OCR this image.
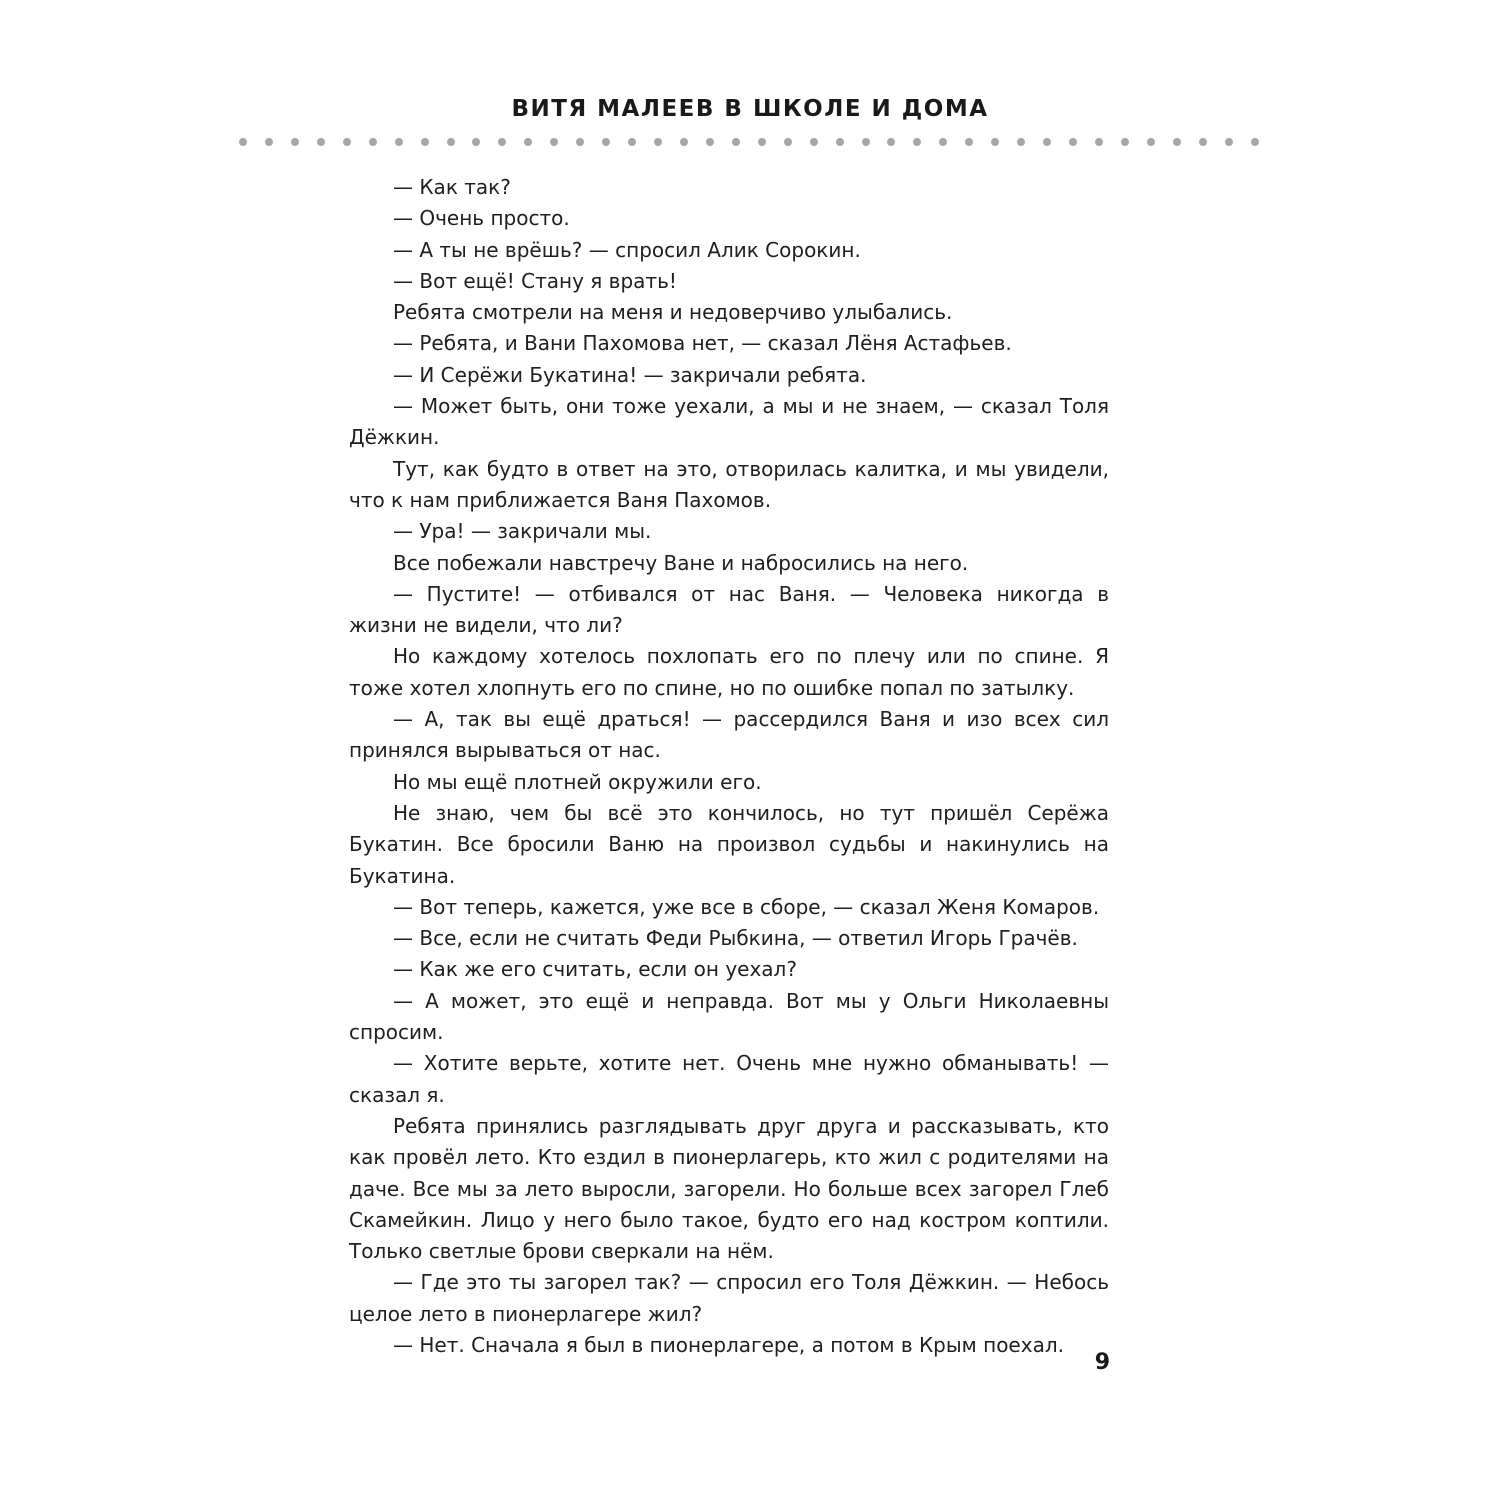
ВИТЯ МАЛЕЕВ В ШКОЛЕ И ДОМА

— Как так?

— Очень просто.

— А ты не врёшь? — спросил Алик Сорокин.

— Вот ещё! Стану я врать!

Ребята смотрели на меня и недоверчиво улыбались.

— Ребята, и Вани Пахомова нет, — сказал Лёня Астафьев.

— И Серёжи Букатина! — закричали ребята.

— Может быть, они тоже уехали, а мы и не знаем, — сказал Толя Дёжкин.

Тут, как будто в ответ на это, отворилась калитка, и мы увидели, что к нам приближается Ваня Пахомов.

— Ура! — закричали мы.

Все побежали навстречу Ване и набросились на него.

— Пустите! — отбивался от нас Ваня. — Человека никогда в жизни не видели, что ли?

Но каждому хотелось похлопать его по плечу или по спине. Я тоже хотел хлопнуть его по спине, но по ошибке попал по затылку.

— А, так вы ещё драться! — рассердился Ваня и изо всех сил принялся вырываться от нас.

Но мы ещё плотней окружили его.

Не знаю, чем бы всё это кончилось, но тут пришёл Серёжа Букатин. Все бросили Ваню на произвол судьбы и накинулись на Букатина.

— Вот теперь, кажется, уже все в сборе, — сказал Женя Комаров.

— Все, если не считать Феди Рыбкина, — ответил Игорь Грачёв.

— Как же его считать, если он уехал?

— А может, это ещё и неправда. Вот мы у Ольги Николаевны спросим.

— Хотите верьте, хотите нет. Очень мне нужно обманывать! — сказал я.

Ребята принялись разглядывать друг друга и рассказывать, кто как провёл лето. Кто ездил в пионерлагерь, кто жил с родителями на даче. Все мы за лето выросли, загорели. Но больше всех загорел Глеб Скамейкин. Лицо у него было такое, будто его над костром коптили. Только светлые брови сверкали на нём.

— Где это ты загорел так? — спросил его Толя Дёжкин. — Небось целое лето в пионерлагере жил?

— Нет. Сначала я был в пионерлагере, а потом в Крым поехал.

9
